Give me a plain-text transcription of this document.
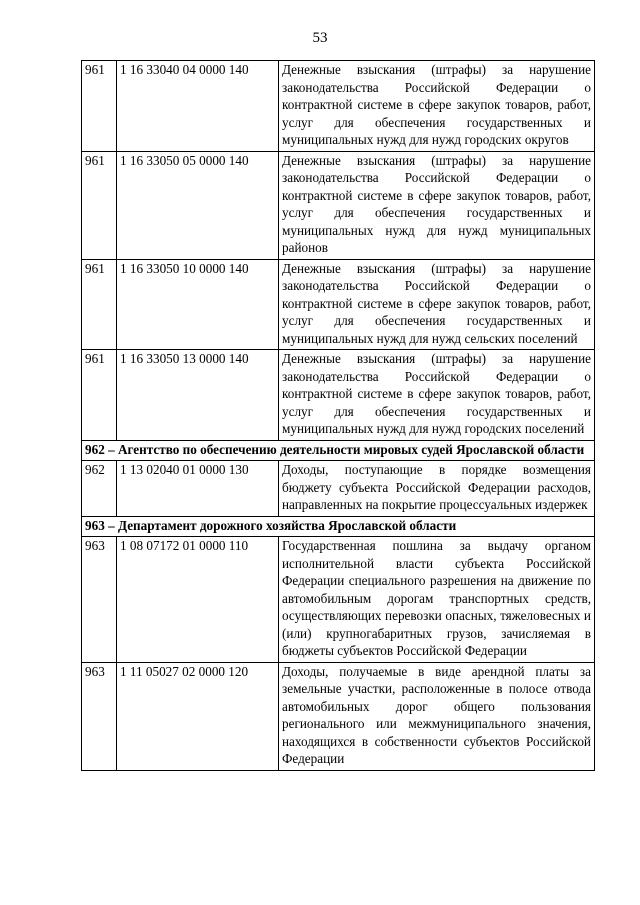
53
961	1 16 33040 04 0000 140	Денежные взыскания (штрафы) за нарушение законодательства Российской Федерации о контрактной системе в сфере закупок товаров, работ, услуг для обеспечения государственных и муниципальных нужд для нужд городских округов
961	1 16 33050 05 0000 140	Денежные взыскания (штрафы) за нарушение законодательства Российской Федерации о контрактной системе в сфере закупок товаров, работ, услуг для обеспечения государственных и муниципальных нужд для нужд муниципальных районов
961	1 16 33050 10 0000 140	Денежные взыскания (штрафы) за нарушение законодательства Российской Федерации о контрактной системе в сфере закупок товаров, работ, услуг для обеспечения государственных и муниципальных нужд для нужд сельских поселений
961	1 16 33050 13 0000 140	Денежные взыскания (штрафы) за нарушение законодательства Российской Федерации о контрактной системе в сфере закупок товаров, работ, услуг для обеспечения государственных и муниципальных нужд для нужд городских поселений
962 – Агентство по обеспечению деятельности мировых судей Ярославской области		
962	1 13 02040 01 0000 130	Доходы, поступающие в порядке возмещения бюджету субъекта Российской Федерации расходов, направленных на покрытие процессуальных издержек
963 – Департамент дорожного хозяйства Ярославской области		
963	1 08 07172 01 0000 110	Государственная пошлина за выдачу органом исполнительной власти субъекта Российской Федерации специального разрешения на движение по автомобильным дорогам транспортных средств, осуществляющих перевозки опасных, тяжеловесных и (или) крупногабаритных грузов, зачисляемая в бюджеты субъектов Российской Федерации
963	1 11 05027 02 0000 120	Доходы, получаемые в виде арендной платы за земельные участки, расположенные в полосе отвода автомобильных дорог общего пользования регионального или межмуниципального значения, находящихся в собственности субъектов Российской Федерации
